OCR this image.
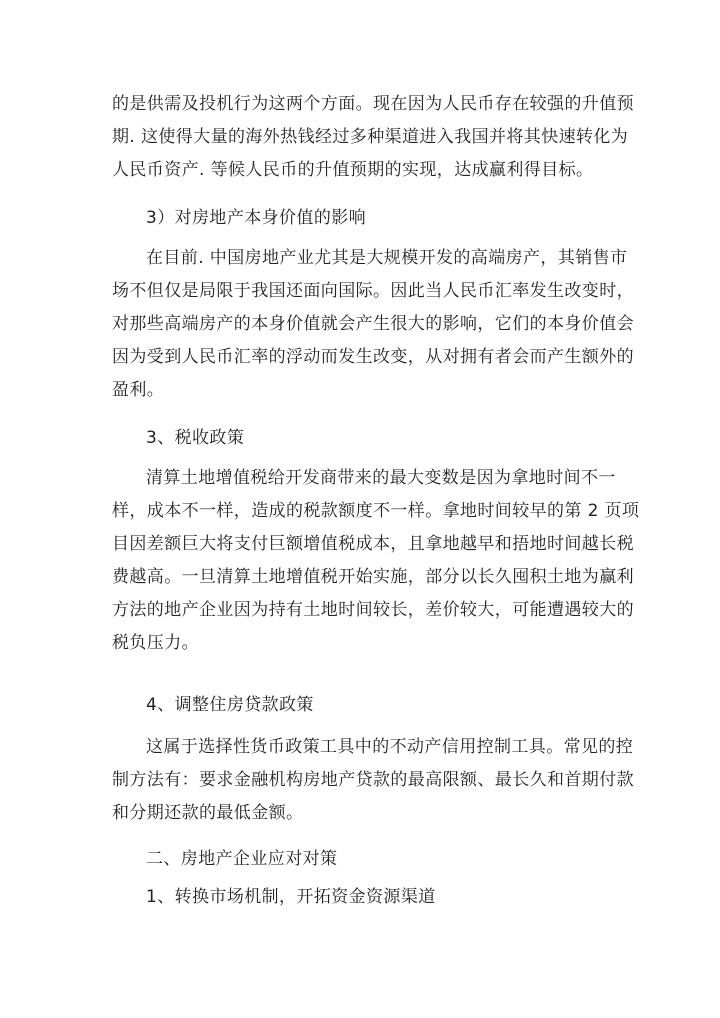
的是供需及投机行为这两个方面。现在因为人民币存在较强的升值预
期. 这使得大量的海外热钱经过多种渠道进入我国并将其快速转化为
人民币资产. 等候人民币的升值预期的实现，达成赢利得目标。
3）对房地产本身价值的影响
在目前. 中国房地产业尤其是大规模开发的高端房产，其销售市
场不但仅是局限于我国还面向国际。因此当人民币汇率发生改变时，
对那些高端房产的本身价值就会产生很大的影响，它们的本身价值会
因为受到人民币汇率的浮动而发生改变，从对拥有者会而产生额外的
盈利。
3、税收政策
清算土地增值税给开发商带来的最大变数是因为拿地时间不一
样，成本不一样，造成的税款额度不一样。拿地时间较早的第 2 页项
目因差额巨大将支付巨额增值税成本，且拿地越早和捂地时间越长税
费越高。一旦清算土地增值税开始实施，部分以长久囤积土地为赢利
方法的地产企业因为持有土地时间较长，差价较大，可能遭遇较大的
税负压力。
4、调整住房贷款政策
这属于选择性货币政策工具中的不动产信用控制工具。常见的控
制方法有：要求金融机构房地产贷款的最高限额、最长久和首期付款
和分期还款的最低金额。
二、房地产企业应对对策
1、转换市场机制，开拓资金资源渠道
